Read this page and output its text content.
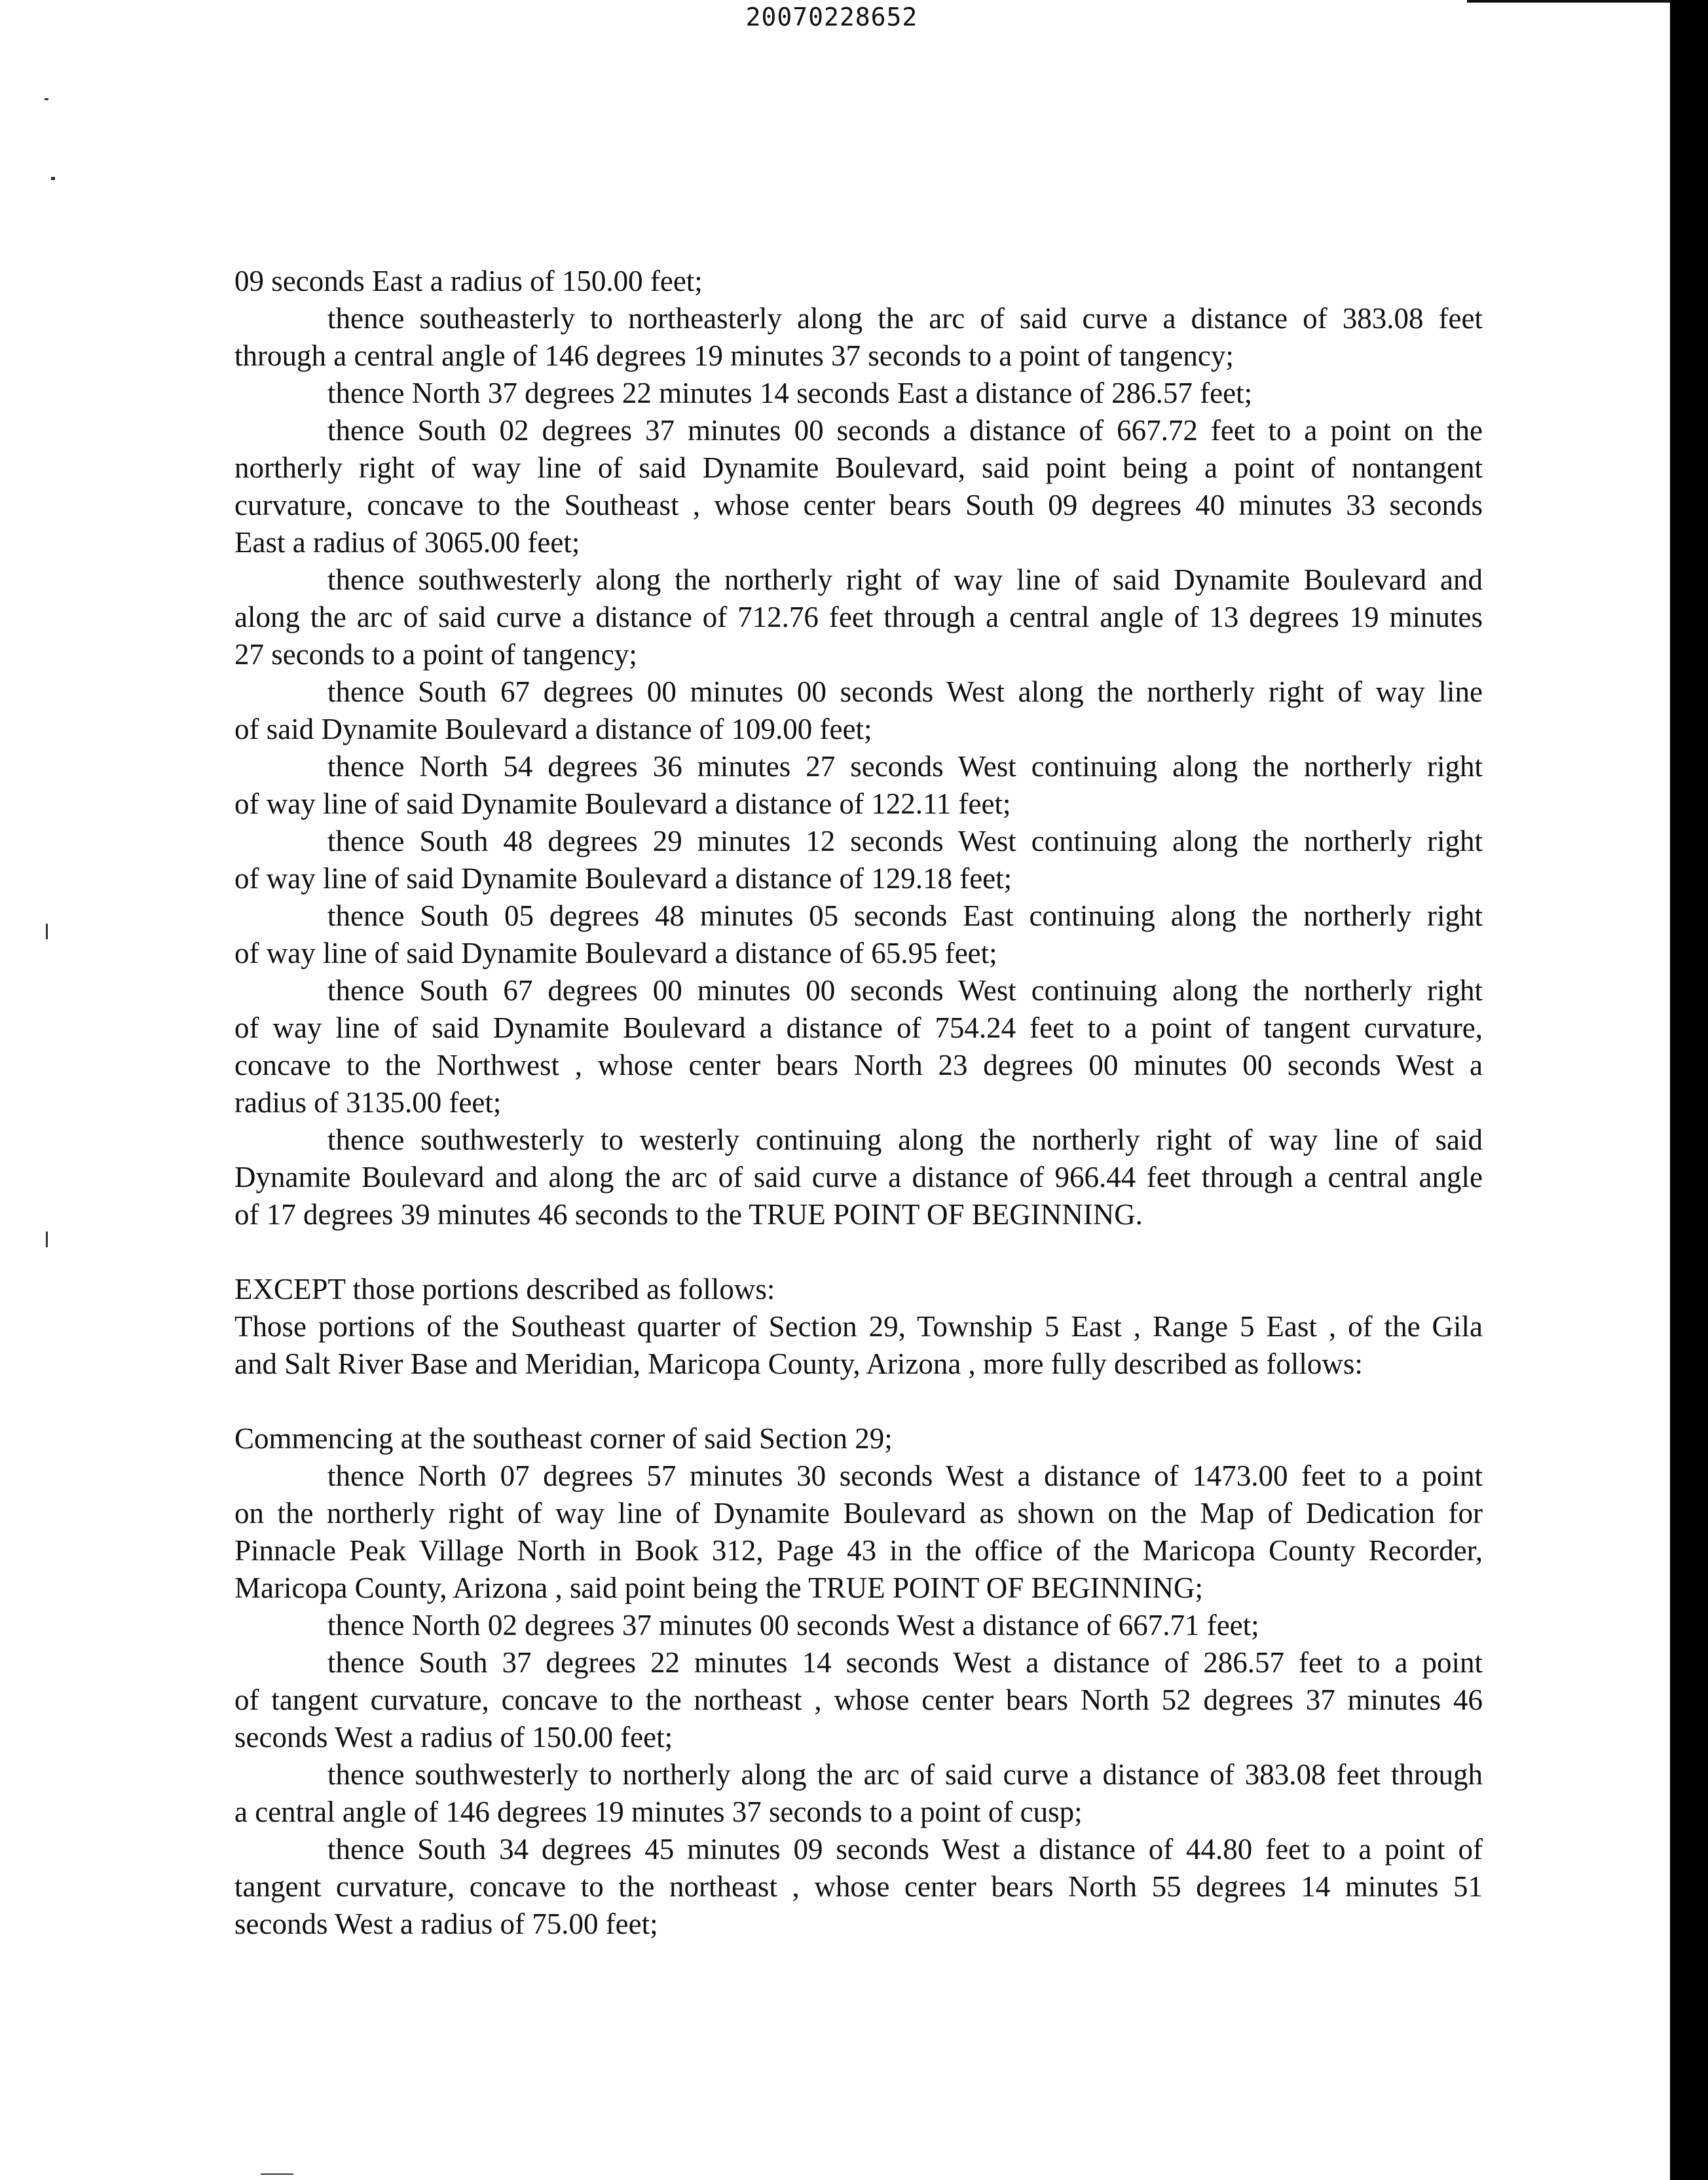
20070228652
09 seconds East a radius of 150.00 feet;
thence southeasterly to northeasterly along the arc of said curve a distance of 383.08 feet
through a central angle of 146 degrees 19 minutes 37 seconds to a point of tangency;
thence North 37 degrees 22 minutes 14 seconds East a distance of 286.57 feet;
thence South 02 degrees 37 minutes 00 seconds a distance of 667.72 feet to a point on the
northerly right of way line of said Dynamite Boulevard, said point being a point of nontangent
curvature, concave to the Southeast , whose center bears South 09 degrees 40 minutes 33 seconds
East a radius of 3065.00 feet;
thence southwesterly along the northerly right of way line of said Dynamite Boulevard and
along the arc of said curve a distance of 712.76 feet through a central angle of 13 degrees 19 minutes
27 seconds to a point of tangency;
thence South 67 degrees 00 minutes 00 seconds West along the northerly right of way line
of said Dynamite Boulevard a distance of 109.00 feet;
thence North 54 degrees 36 minutes 27 seconds West continuing along the northerly right
of way line of said Dynamite Boulevard a distance of 122.11 feet;
thence South 48 degrees 29 minutes 12 seconds West continuing along the northerly right
of way line of said Dynamite Boulevard a distance of 129.18 feet;
thence South 05 degrees 48 minutes 05 seconds East continuing along the northerly right
of way line of said Dynamite Boulevard a distance of 65.95 feet;
thence South 67 degrees 00 minutes 00 seconds West continuing along the northerly right
of way line of said Dynamite Boulevard a distance of 754.24 feet to a point of tangent curvature,
concave to the Northwest , whose center bears North 23 degrees 00 minutes 00 seconds West a
radius of 3135.00 feet;
thence southwesterly to westerly continuing along the northerly right of way line of said
Dynamite Boulevard and along the arc of said curve a distance of 966.44 feet through a central angle
of 17 degrees 39 minutes 46 seconds to the TRUE POINT OF BEGINNING.
EXCEPT those portions described as follows:
Those portions of the Southeast quarter of Section 29, Township 5 East , Range 5 East , of the Gila
and Salt River Base and Meridian, Maricopa County, Arizona , more fully described as follows:
Commencing at the southeast corner of said Section 29;
thence North 07 degrees 57 minutes 30 seconds West a distance of 1473.00 feet to a point
on the northerly right of way line of Dynamite Boulevard as shown on the Map of Dedication for
Pinnacle Peak Village North in Book 312, Page 43 in the office of the Maricopa County Recorder,
Maricopa County, Arizona , said point being the TRUE POINT OF BEGINNING;
thence North 02 degrees 37 minutes 00 seconds West a distance of 667.71 feet;
thence South 37 degrees 22 minutes 14 seconds West a distance of 286.57 feet to a point
of tangent curvature, concave to the northeast , whose center bears North 52 degrees 37 minutes 46
seconds West a radius of 150.00 feet;
thence southwesterly to northerly along the arc of said curve a distance of 383.08 feet through
a central angle of 146 degrees 19 minutes 37 seconds to a point of cusp;
thence South 34 degrees 45 minutes 09 seconds West a distance of 44.80 feet to a point of
tangent curvature, concave to the northeast , whose center bears North 55 degrees 14 minutes 51
seconds West a radius of 75.00 feet;
